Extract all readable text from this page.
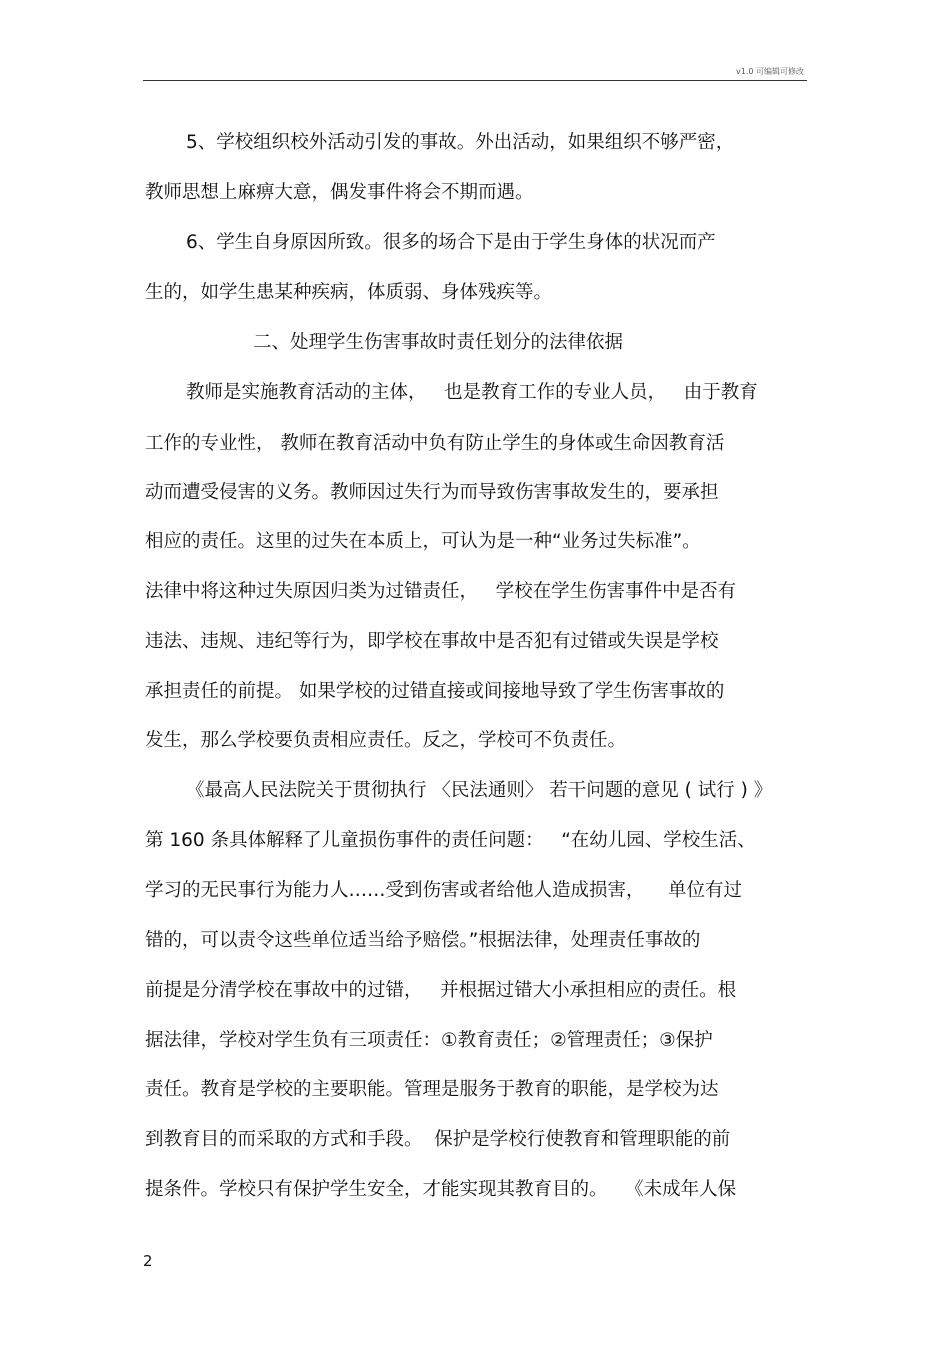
v1.0 可编辑可修改
5、学校组织校外活动引发的事故。外出活动，如果组织不够严密，
教师思想上麻痹大意，偶发事件将会不期而遇。
6、学生自身原因所致。很多的场合下是由于学生身体的状况而产
生的，如学生患某种疾病，体质弱、身体残疾等。
二、处理学生伤害事故时责任划分的法律依据
教师是实施教育活动的主体，   也是教育工作的专业人员，   由于教育
工作的专业性， 教师在教育活动中负有防止学生的身体或生命因教育活
动而遭受侵害的义务。教师因过失行为而导致伤害事故发生的，要承担
相应的责任。这里的过失在本质上，可认为是一种“业务过失标准”。
法律中将这种过失原因归类为过错责任，   学校在学生伤害事件中是否有
违法、违规、违纪等行为，即学校在事故中是否犯有过错或失误是学校
承担责任的前提。 如果学校的过错直接或间接地导致了学生伤害事故的
发生，那么学校要负责相应责任。反之，学校可不负责任。
《最高人民法院关于贯彻执行 〈民法通则〉 若干问题的意见 ( 试行 ) 》
第 160 条具体解释了儿童损伤事件的责任问题：   “在幼儿园、学校生活、
学习的无民事行为能力人……受到伤害或者给他人造成损害，    单位有过
错的，可以责令这些单位适当给予赔偿。”根据法律，处理责任事故的
前提是分清学校在事故中的过错，   并根据过错大小承担相应的责任。根
据法律，学校对学生负有三项责任：①教育责任；②管理责任；③保护
责任。教育是学校的主要职能。管理是服务于教育的职能，是学校为达
到教育目的而采取的方式和手段。  保护是学校行使教育和管理职能的前
提条件。学校只有保护学生安全，才能实现其教育目的。   《未成年人保
2
